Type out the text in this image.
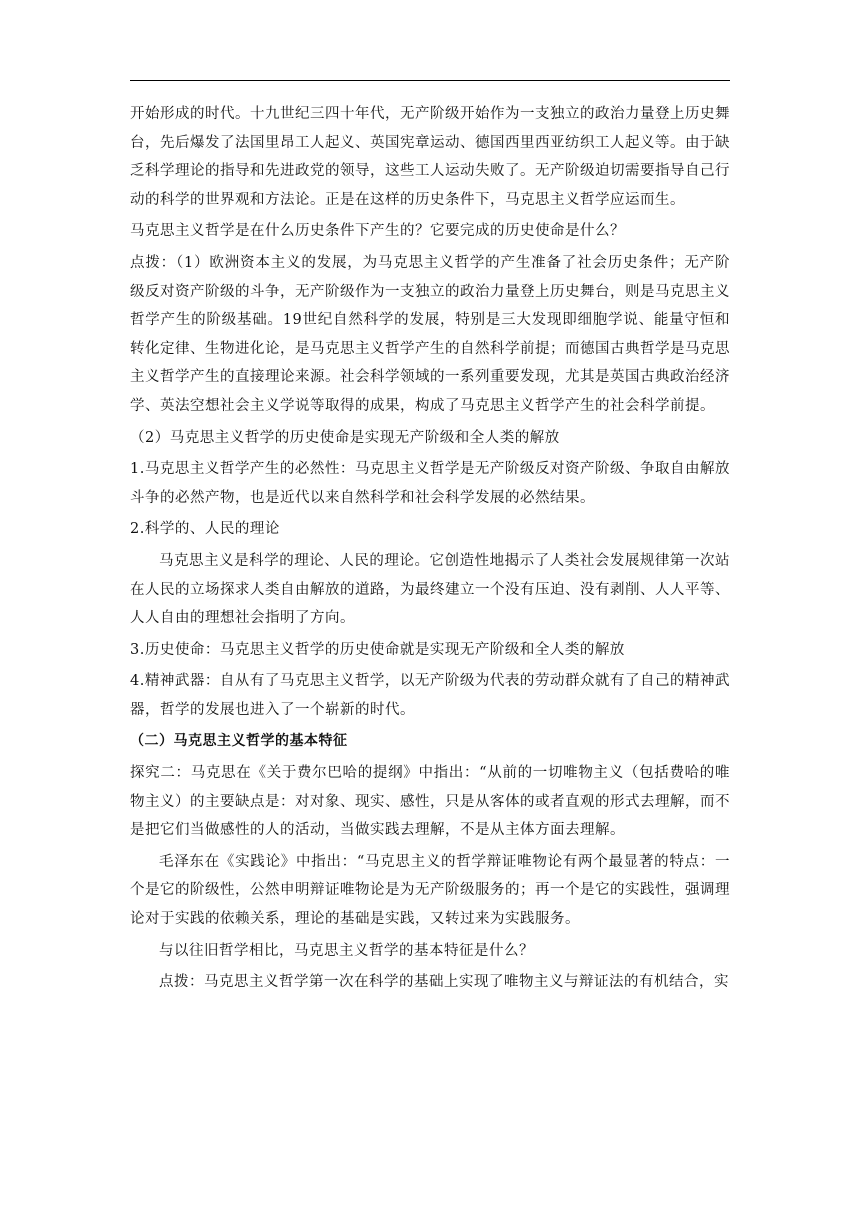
开始形成的时代。十九世纪三四十年代，无产阶级开始作为一支独立的政治力量登上历史舞台，先后爆发了法国里昂工人起义、英国宪章运动、德国西里西亚纺织工人起义等。由于缺乏科学理论的指导和先进政党的领导，这些工人运动失败了。无产阶级迫切需要指导自己行动的科学的世界观和方法论。正是在这样的历史条件下，马克思主义哲学应运而生。

马克思主义哲学是在什么历史条件下产生的？它要完成的历史使命是什么？

点拨：（1）欧洲资本主义的发展，为马克思主义哲学的产生准备了社会历史条件；无产阶级反对资产阶级的斗争，无产阶级作为一支独立的政治力量登上历史舞台，则是马克思主义哲学产生的阶级基础。19世纪自然科学的发展，特别是三大发现即细胞学说、能量守恒和转化定律、生物进化论，是马克思主义哲学产生的自然科学前提；而德国古典哲学是马克思主义哲学产生的直接理论来源。社会科学领域的一系列重要发现，尤其是英国古典政治经济学、英法空想社会主义学说等取得的成果，构成了马克思主义哲学产生的社会科学前提。

（2）马克思主义哲学的历史使命是实现无产阶级和全人类的解放

1.马克思主义哲学产生的必然性：马克思主义哲学是无产阶级反对资产阶级、争取自由解放斗争的必然产物，也是近代以来自然科学和社会科学发展的必然结果。

2.科学的、人民的理论

马克思主义是科学的理论、人民的理论。它创造性地揭示了人类社会发展规律第一次站在人民的立场探求人类自由解放的道路，为最终建立一个没有压迫、没有剥削、人人平等、人人自由的理想社会指明了方向。

3.历史使命：马克思主义哲学的历史使命就是实现无产阶级和全人类的解放

4.精神武器：自从有了马克思主义哲学，以无产阶级为代表的劳动群众就有了自己的精神武器，哲学的发展也进入了一个崭新的时代。

（二）马克思主义哲学的基本特征

探究二：马克思在《关于费尔巴哈的提纲》中指出：“从前的一切唯物主义（包括费哈的唯物主义）的主要缺点是：对对象、现实、感性，只是从客体的或者直观的形式去理解，而不是把它们当做感性的人的活动，当做实践去理解，不是从主体方面去理解。

毛泽东在《实践论》中指出：“马克思主义的哲学辩证唯物论有两个最显著的特点：一个是它的阶级性，公然申明辩证唯物论是为无产阶级服务的；再一个是它的实践性，强调理论对于实践的依赖关系，理论的基础是实践，又转过来为实践服务。

与以往旧哲学相比，马克思主义哲学的基本特征是什么？

点拨：马克思主义哲学第一次在科学的基础上实现了唯物主义与辩证法的有机结合，实
